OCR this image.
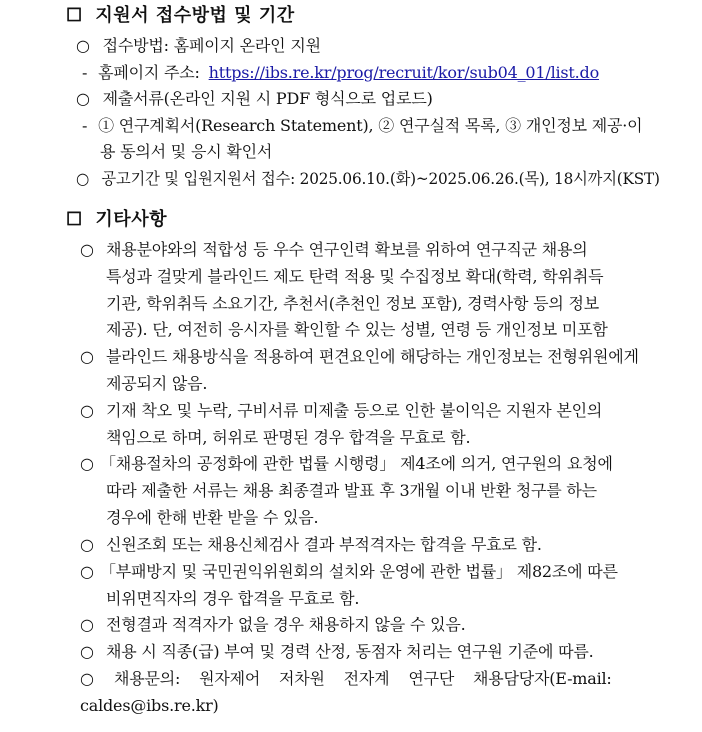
☐ 지원서 접수방법 및 기간
○ 접수방법: 홈페이지 온라인 지원
- 홈페이지 주소: https://ibs.re.kr/prog/recruit/kor/sub04_01/list.do
○ 제출서류(온라인 지원 시 PDF 형식으로 업로드)
- ① 연구계획서(Research Statement), ② 연구실적 목록, ③ 개인정보 제공·이
용 동의서 및 응시 확인서
○ 공고기간 및 입원지원서 접수: 2025.06.10.(화)~2025.06.26.(목), 18시까지(KST)
☐ 기타사항
○ 채용분야와의 적합성 등 우수 연구인력 확보를 위하여 연구직군 채용의
특성과 걸맞게 블라인드 제도 탄력 적용 및 수집정보 확대(학력, 학위취득
기관, 학위취득 소요기간, 추천서(추천인 정보 포함), 경력사항 등의 정보
제공). 단, 여전히 응시자를 확인할 수 있는 성별, 연령 등 개인정보 미포함
○ 블라인드 채용방식을 적용하여 편견요인에 해당하는 개인정보는 전형위원에게
제공되지 않음.
○ 기재 착오 및 누락, 구비서류 미제출 등으로 인한 불이익은 지원자 본인의
책임으로 하며, 허위로 판명된 경우 합격을 무효로 함.
○ 「채용절차의 공정화에 관한 법률 시행령」 제4조에 의거, 연구원의 요청에
따라 제출한 서류는 채용 최종결과 발표 후 3개월 이내 반환 청구를 하는
경우에 한해 반환 받을 수 있음.
○ 신원조회 또는 채용신체검사 결과 부적격자는 합격을 무효로 함.
○ 「부패방지 및 국민권익위원회의 설치와 운영에 관한 법률」 제82조에 따른
비위면직자의 경우 합격을 무효로 함.
○ 전형결과 적격자가 없을 경우 채용하지 않을 수 있음.
○ 채용 시 직종(급) 부여 및 경력 산정, 동점자 처리는 연구원 기준에 따름.
○ 채용문의: 원자제어 저차원 전자계 연구단 채용담당자(E-mail:
caldes@ibs.re.kr)
